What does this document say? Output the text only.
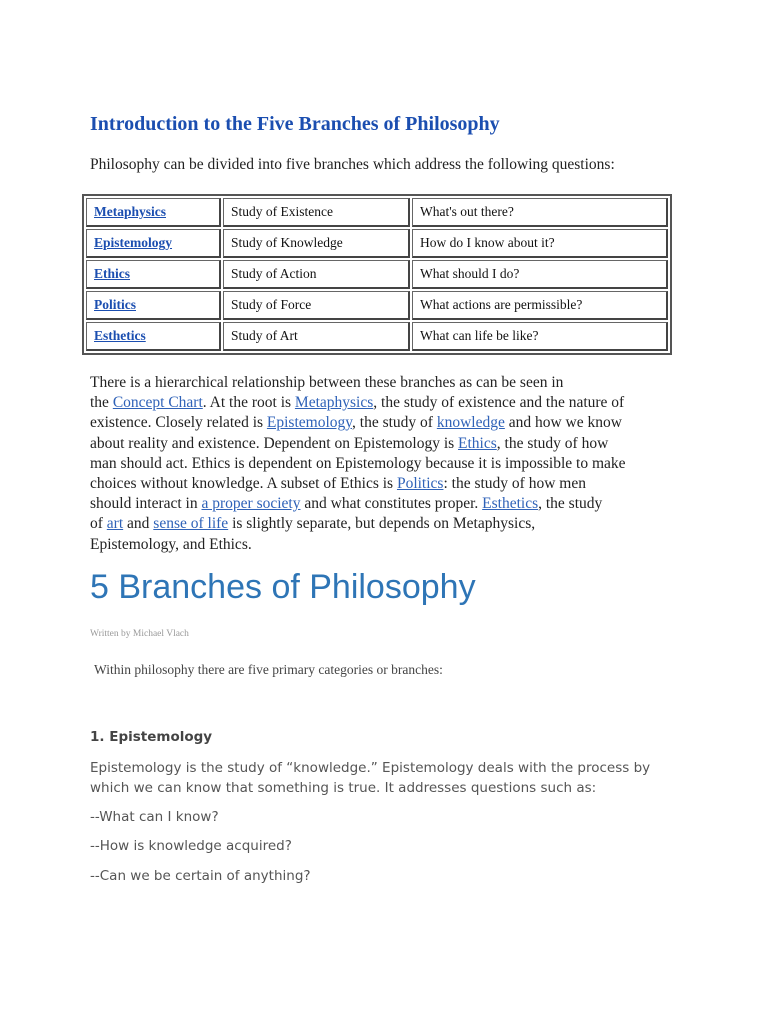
Introduction to the Five Branches of Philosophy
Philosophy can be divided into five branches which address the following questions:
Metaphysics	Study of Existence	What's out there?
Epistemology	Study of Knowledge	How do I know about it?
Ethics	Study of Action	What should I do?
Politics	Study of Force	What actions are permissible?
Esthetics	Study of Art	What can life be like?
There is a hierarchical relationship between these branches as can be seen in
the Concept Chart. At the root is Metaphysics, the study of existence and the nature of
existence. Closely related is Epistemology, the study of knowledge and how we know
about reality and existence. Dependent on Epistemology is Ethics, the study of how
man should act. Ethics is dependent on Epistemology because it is impossible to make
choices without knowledge. A subset of Ethics is Politics: the study of how men
should interact in a proper society and what constitutes proper. Esthetics, the study
of art and sense of life is slightly separate, but depends on Metaphysics,
Epistemology, and Ethics.
5 Branches of Philosophy
Written by Michael Vlach
Within philosophy there are five primary categories or branches:
1. Epistemology
Epistemology is the study of “knowledge.” Epistemology deals with the process by
which we can know that something is true. It addresses questions such as:
--What can I know?
--How is knowledge acquired?
--Can we be certain of anything?
